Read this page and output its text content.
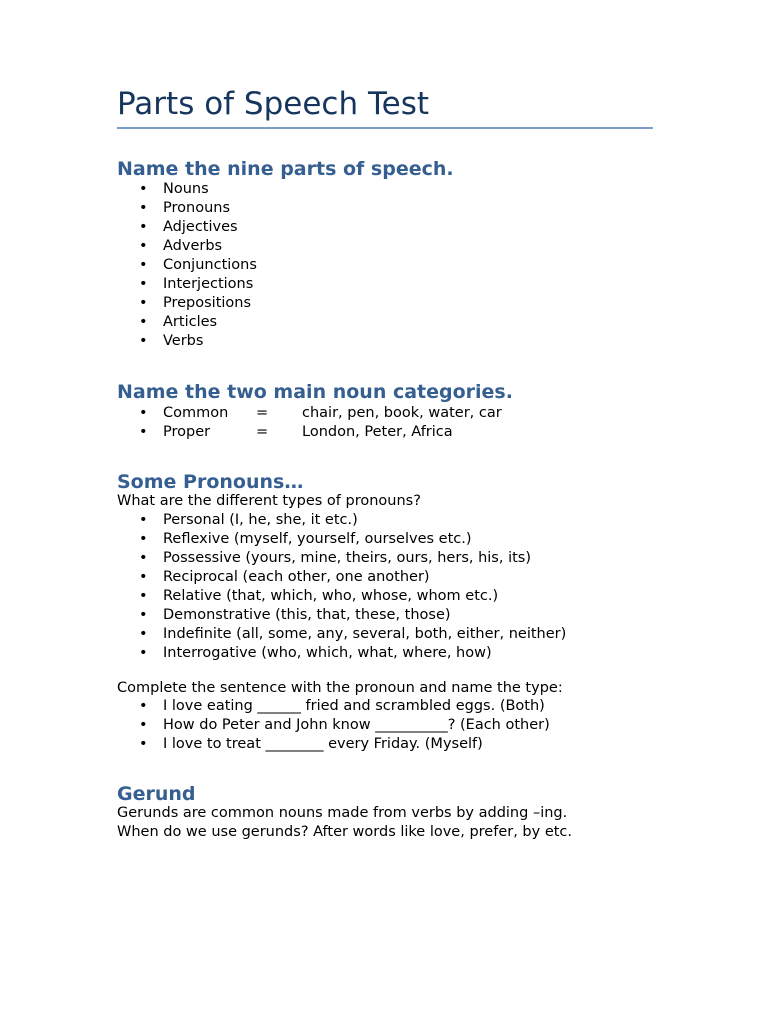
Parts of Speech Test
Name the nine parts of speech.
• Nouns
• Pronouns
• Adjectives
• Adverbs
• Conjunctions
• Interjections
• Prepositions
• Articles
• Verbs
Name the two main noun categories.
• Common = chair, pen, book, water, car
• Proper	= London, Peter, Africa
Some Pronouns…
What are the different types of pronouns?
• Personal (I, he, she, it etc.)
• Reflexive (myself, yourself, ourselves etc.)
• Possessive (yours, mine, theirs, ours, hers, his, its)
• Reciprocal (each other, one another)
• Relative (that, which, who, whose, whom etc.)
• Demonstrative (this, that, these, those)
• Indefinite (all, some, any, several, both, either, neither)
• Interrogative (who, which, what, where, how)
Complete the sentence with the pronoun and name the type:
• I love eating ______ fried and scrambled eggs. (Both)
• How do Peter and John know __________? (Each other)
• I love to treat ________ every Friday. (Myself)
Gerund
Gerunds are common nouns made from verbs by adding –ing.
When do we use gerunds? After words like love, prefer, by etc.
